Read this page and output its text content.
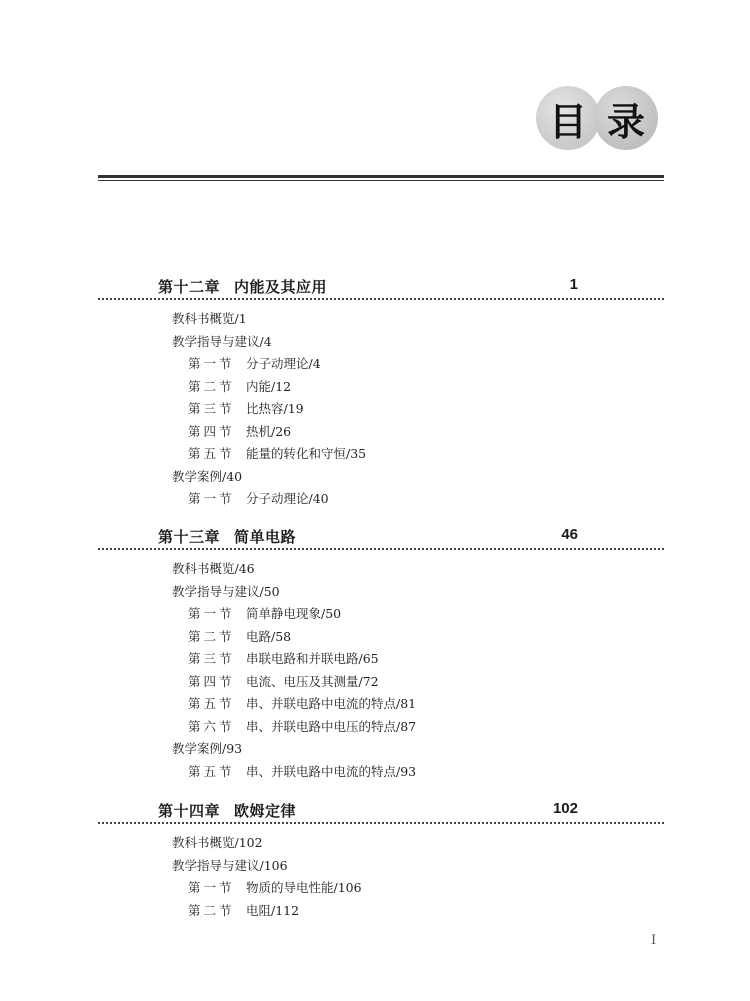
目 录
第十二章 内能及其应用	1
教科书概览/1
教学指导与建议/4
第一节 分子动理论/4
第二节 内能/12
第三节 比热容/19
第四节 热机/26
第五节 能量的转化和守恒/35
教学案例/40
第一节 分子动理论/40
第十三章 简单电路	46
教科书概览/46
教学指导与建议/50
第一节 简单静电现象/50
第二节 电路/58
第三节 串联电路和并联电路/65
第四节 电流、电压及其测量/72
第五节 串、并联电路中电流的特点/81
第六节 串、并联电路中电压的特点/87
教学案例/93
第五节 串、并联电路中电流的特点/93
第十四章 欧姆定律	102
教科书概览/102
教学指导与建议/106
第一节 物质的导电性能/106
第二节 电阻/112
I
